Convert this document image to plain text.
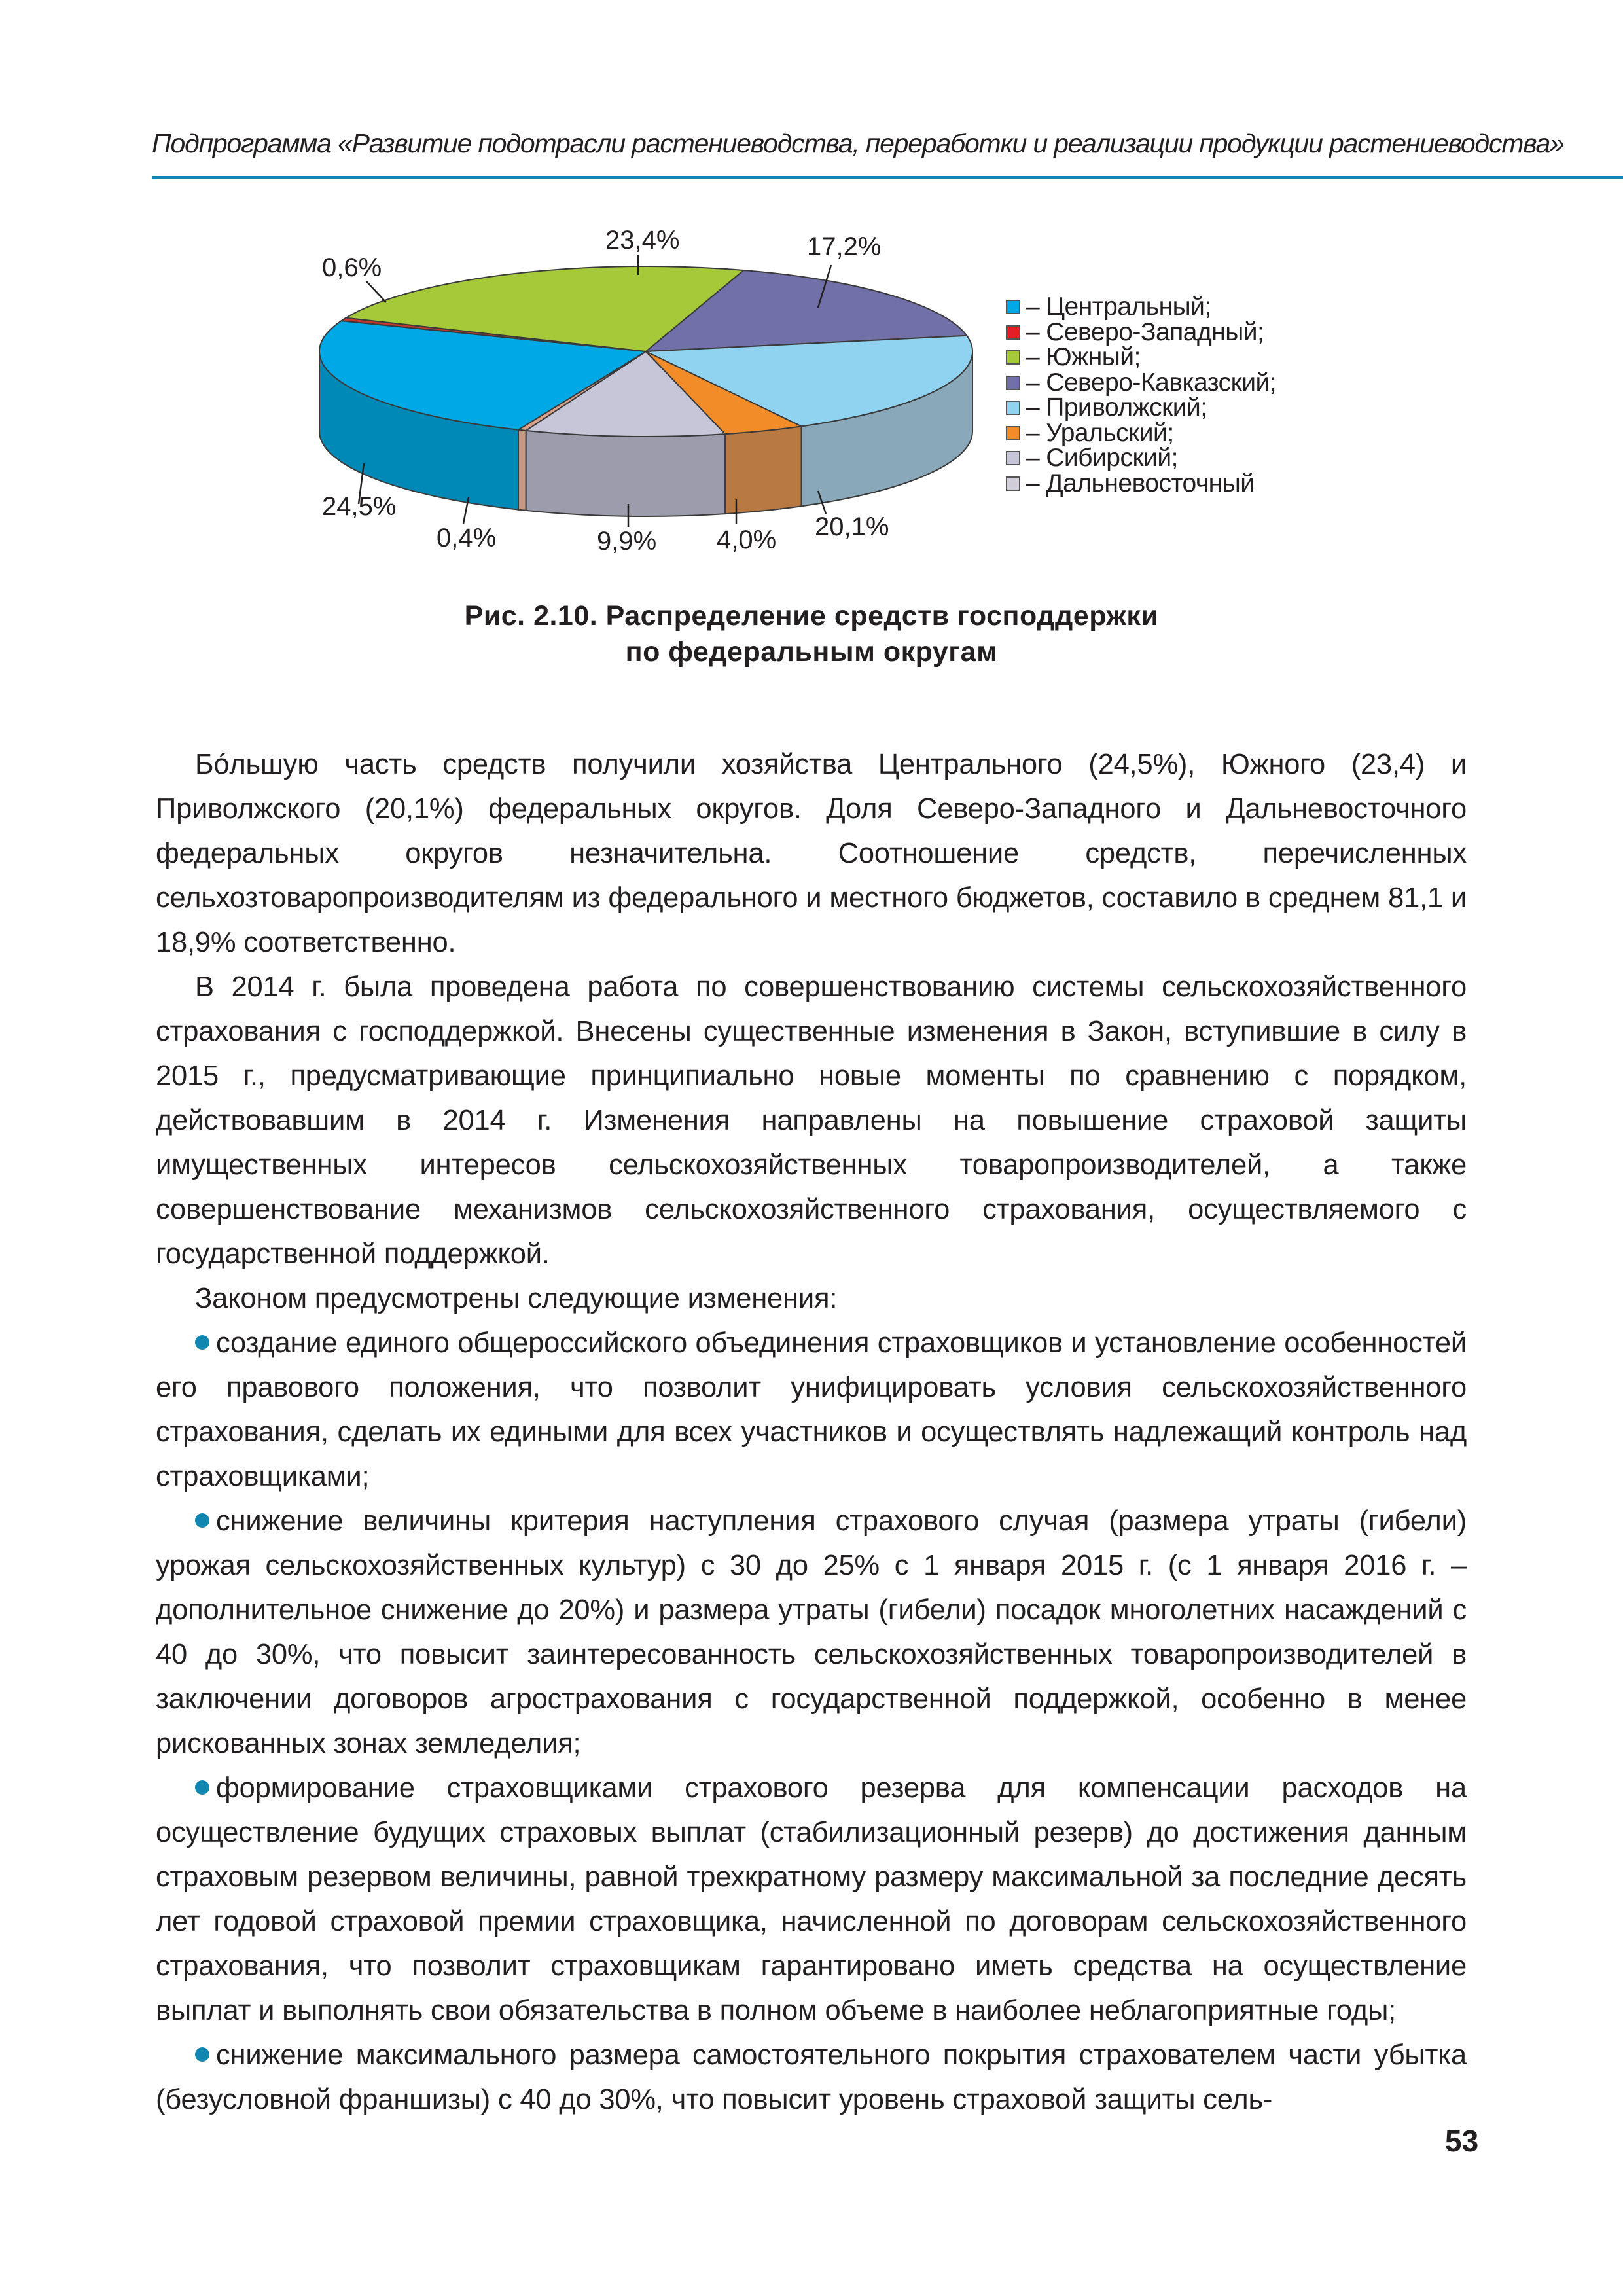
Подпрограмма «Развитие подотрасли растениеводства, переработки и реализации продукции растениеводства»
24,5%
0,6%
23,4%	17,2%
20,1%
4,0%
9,9%
0,4%
– Центральный;
– Северо-Западный;
– Южный;
– Северо-Кавказский;
– Приволжский;
– Уральский;
– Сибирский;
– Дальневосточный
Рис. 2.10. Распределение средств господдержки
по федеральным округам

Бóльшую часть средств получили хозяйства Центрального (24,5%), Южного (23,4) и Приволжского (20,1%) федеральных округов. Доля Северо-Западного и Дальневосточного федеральных округов незначительна. Соотношение средств, перечисленных сельхозтоваропроизводителям из федерального и местного бюджетов, составило в среднем 81,1 и 18,9% соответственно.

В 2014 г. была проведена работа по совершенствованию системы сельскохозяйственного страхования с господдержкой. Внесены существенные изменения в Закон, вступившие в силу в 2015 г., предусматривающие принципиально новые моменты по сравнению с порядком, действовавшим в 2014 г. Изменения направлены на повышение страховой защиты имущественных интересов сельскохозяйственных товаропроизводителей, а также совершенствование механизмов сельскохозяйственного страхования, осуществляемого с государственной поддержкой.

Законом предусмотрены следующие изменения:

создание единого общероссийского объединения страховщиков и установление особенностей его правового положения, что позволит унифицировать условия сельскохозяйственного страхования, сделать их едиными для всех участников и осуществлять надлежащий контроль над страховщиками;

снижение величины критерия наступления страхового случая (размера утраты (гибели) урожая сельскохозяйственных культур) с 30 до 25% с 1 января 2015 г. (с 1 января 2016 г. – дополнительное снижение до 20%) и размера утраты (гибели) посадок многолетних насаждений с 40 до 30%, что повысит заинтересованность сельскохозяйственных товаропроизводителей в заключении договоров агрострахования с государственной поддержкой, особенно в менее рискованных зонах земледелия;

формирование страховщиками страхового резерва для компенсации расходов на осуществление будущих страховых выплат (стабилизационный резерв) до достижения данным страховым резервом величины, равной трехкратному размеру максимальной за последние десять лет годовой страховой премии страховщика, начисленной по договорам сельскохозяйственного страхования, что позволит страховщикам гарантировано иметь средства на осуществление выплат и выполнять свои обязательства в полном объеме в наиболее неблагоприятные годы;

снижение максимального размера самостоятельного покрытия страхователем части убытка (безусловной франшизы) с 40 до 30%, что повысит уровень страховой защиты сель-

53
